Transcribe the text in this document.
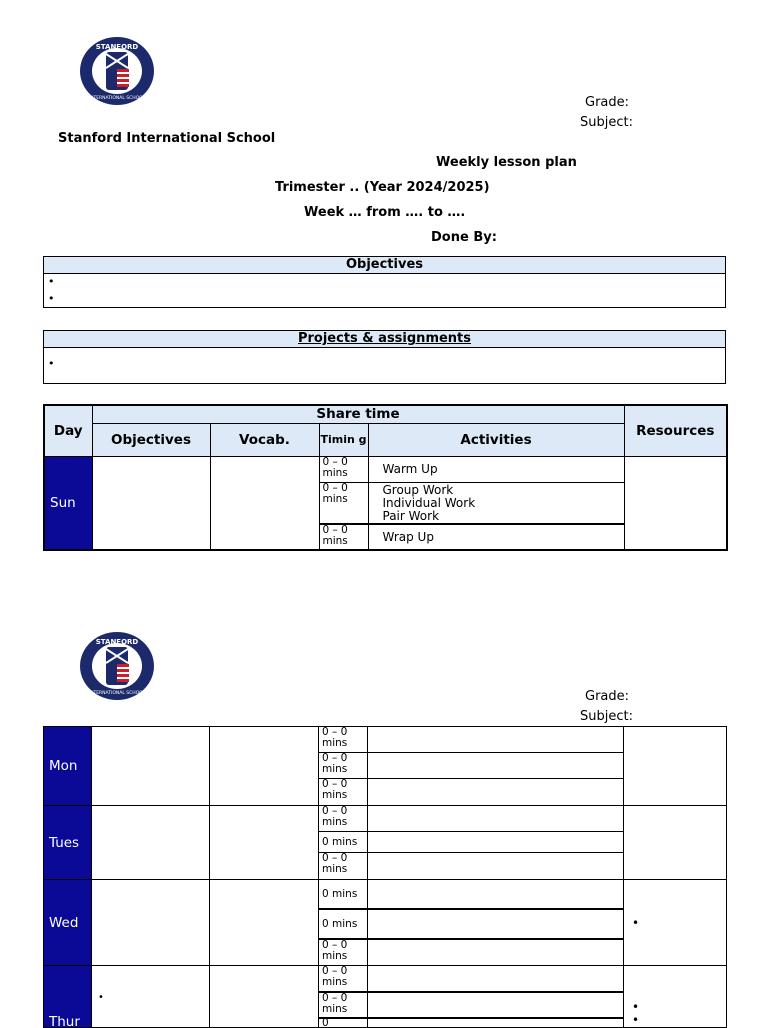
STANFORD
INTERNATIONAL SCHOOL	Grade:
Subject:
Stanford International School
Weekly lesson plan
Trimester .. (Year 2024/2025)
Week … from …. to ….
Done By:
Objectives
•
•
Projects & assignments
•
Day	Share time				Resources
	Objectives	Vocab.	Timin g	Activities	
Sun			0 – 0 mins	Warm Up	
			0 – 0 mins	Group Work
Individual Work
Pair Work	

			0 – 0 mins	Wrap Up	
STANFORD
INTERNATIONAL SCHOOL	Grade:
Subject:
Mon			0 – 0 mins		
			0 – 0 mins		
			0 – 0 mins		
Tues			0 – 0 mins		
			0 mins		
			0 – 0 mins		
Wed			0 mins		•
			0 mins		
			0 – 0 mins		

Thur	•		0 – 0 mins		•
•

			0 – 0 mins		
			0		
